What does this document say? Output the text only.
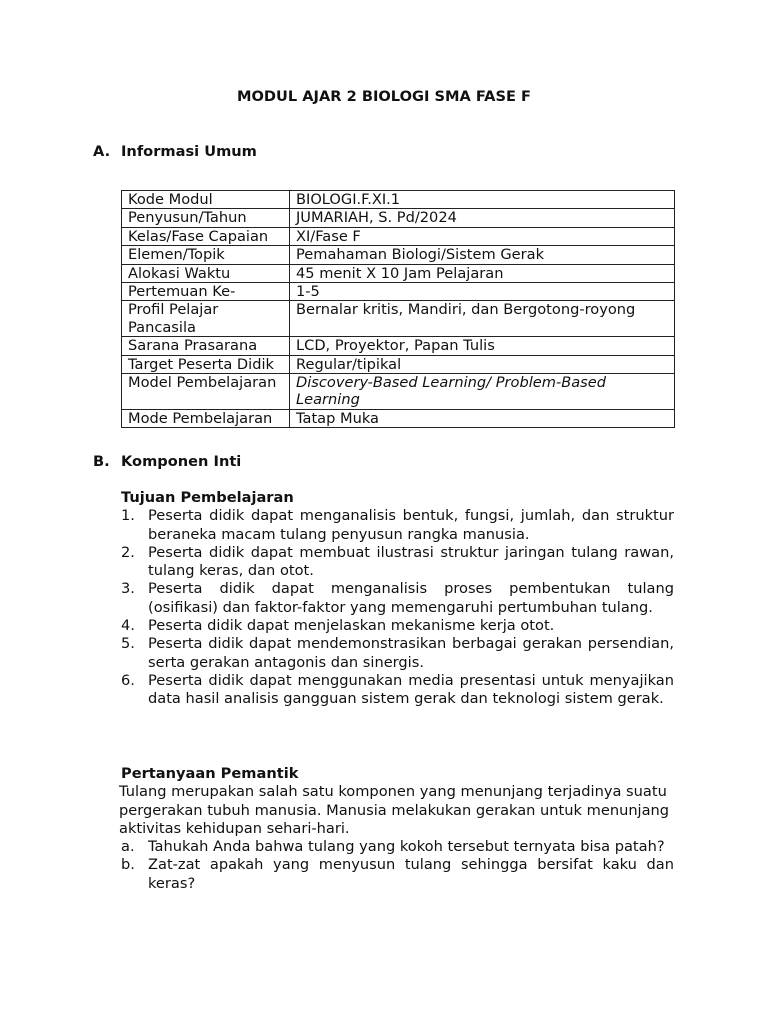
MODUL AJAR 2 BIOLOGI SMA FASE F
A. Informasi Umum
Kode Modul	BIOLOGI.F.XI.1
Penyusun/Tahun	JUMARIAH, S. Pd/2024
Kelas/Fase Capaian	XI/Fase F
Elemen/Topik	Pemahaman Biologi/Sistem Gerak
Alokasi Waktu	45 menit X 10 Jam Pelajaran
Pertemuan Ke-	1-5
Profil Pelajar Pancasila	Bernalar kritis, Mandiri, dan Bergotong-royong
Sarana Prasarana	LCD, Proyektor, Papan Tulis
Target Peserta Didik	Regular/tipikal
Model Pembelajaran	Discovery-Based Learning/ Problem-Based Learning
Mode Pembelajaran	Tatap Muka
B. Komponen Inti
Tujuan Pembelajaran
1. Peserta didik dapat menganalisis bentuk, fungsi, jumlah, dan struktur beraneka macam tulang penyusun rangka manusia.
2. Peserta didik dapat membuat ilustrasi struktur jaringan tulang rawan, tulang keras, dan otot.
3. Peserta didik dapat menganalisis proses pembentukan tulang (osifikasi) dan faktor-faktor yang memengaruhi pertumbuhan tulang.
4. Peserta didik dapat menjelaskan mekanisme kerja otot.
5. Peserta didik dapat mendemonstrasikan berbagai gerakan persendian, serta gerakan antagonis dan sinergis.
6. Peserta didik dapat menggunakan media presentasi untuk menyajikan data hasil analisis gangguan sistem gerak dan teknologi sistem gerak.
Pertanyaan Pemantik

Tulang merupakan salah satu komponen yang menunjang terjadinya suatu pergerakan tubuh manusia. Manusia melakukan gerakan untuk menunjang aktivitas kehidupan sehari-hari.

a. Tahukah Anda bahwa tulang yang kokoh tersebut ternyata bisa patah?
b. Zat-zat apakah yang menyusun tulang sehingga bersifat kaku dan keras?
